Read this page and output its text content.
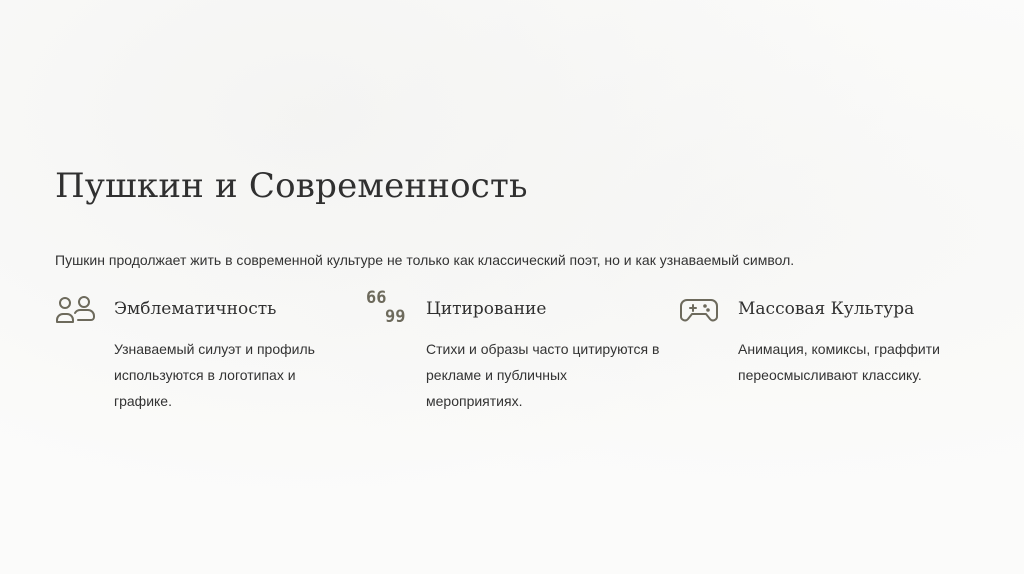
Пушкин и Современность

Пушкин продолжает жить в современной культуре не только как классический поэт, но и как узнаваемый символ.

Эмблематичность

Узнаваемый силуэт и профиль используются в логотипах и графике.

66
99 Цитирование

Стихи и образы часто цитируются в рекламе и публичных мероприятиях.

Массовая Культура

Анимация, комиксы, граффити переосмысливают классику.
